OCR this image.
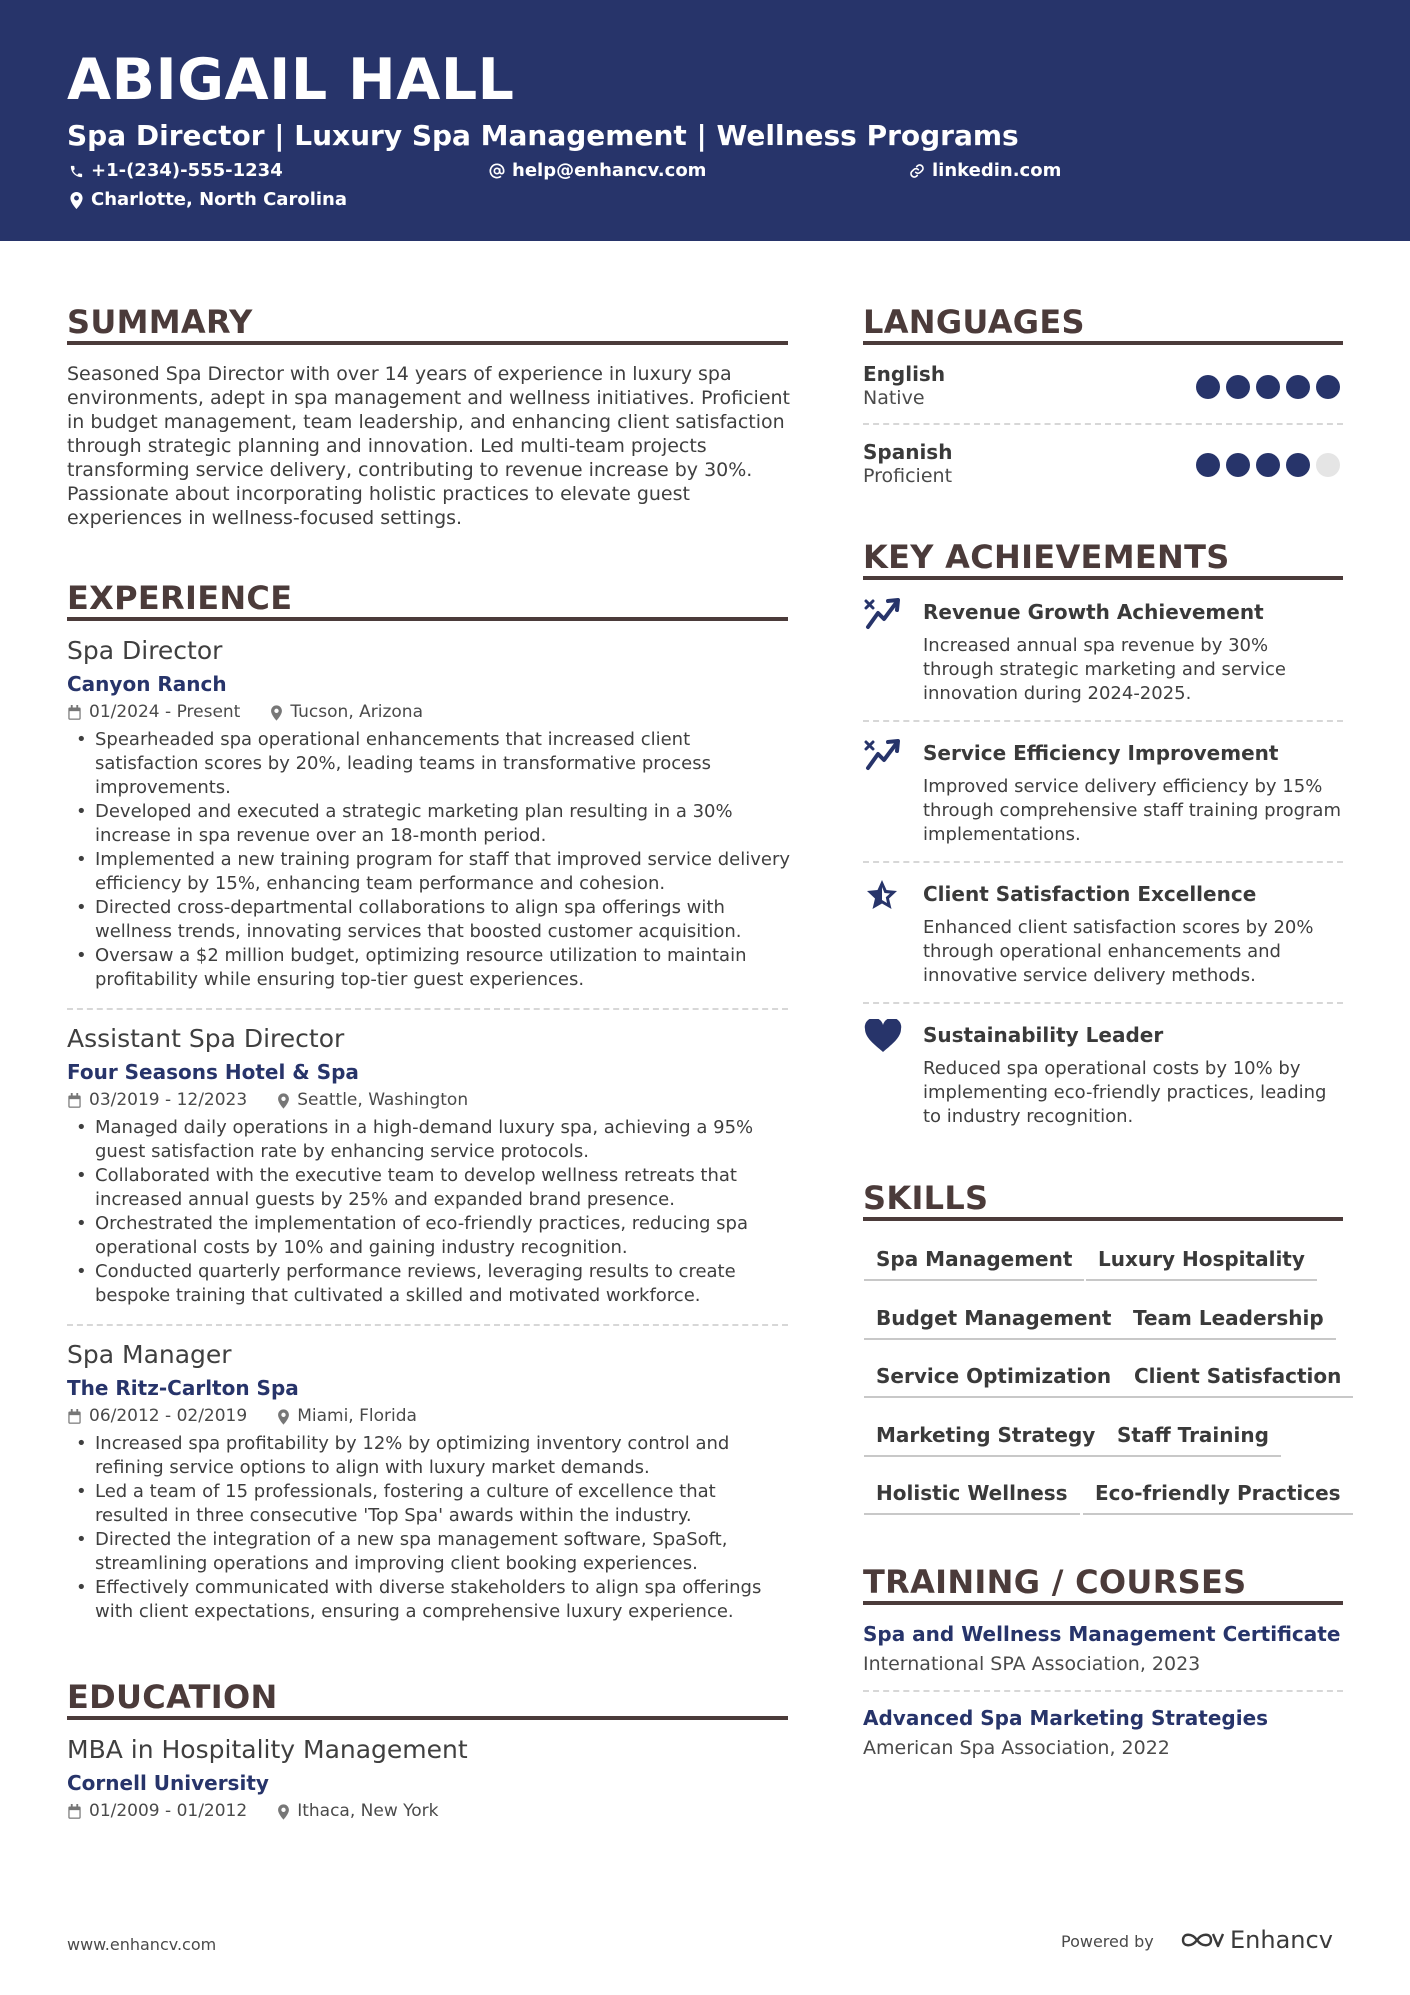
ABIGAIL HALL
Spa Director | Luxury Spa Management | Wellness Programs
+1-(234)-555-1234	help@enhancv.com	linkedin.com
Charlotte, North Carolina
SUMMARY
Seasoned Spa Director with over 14 years of experience in luxury spa environments, adept in spa management and wellness initiatives. Proficient in budget management, team leadership, and enhancing client satisfaction through strategic planning and innovation. Led multi-team projects transforming service delivery, contributing to revenue increase by 30%. Passionate about incorporating holistic practices to elevate guest experiences in wellness-focused settings.
EXPERIENCE
Spa Director
Canyon Ranch
01/2024 - Present	Tucson, Arizona
• Spearheaded spa operational enhancements that increased client satisfaction scores by 20%, leading teams in transformative process improvements.
• Developed and executed a strategic marketing plan resulting in a 30% increase in spa revenue over an 18-month period.
• Implemented a new training program for staff that improved service delivery efficiency by 15%, enhancing team performance and cohesion.
• Directed cross-departmental collaborations to align spa offerings with wellness trends, innovating services that boosted customer acquisition.
• Oversaw a $2 million budget, optimizing resource utilization to maintain profitability while ensuring top-tier guest experiences.
Assistant Spa Director
Four Seasons Hotel & Spa
03/2019 - 12/2023	Seattle, Washington
• Managed daily operations in a high-demand luxury spa, achieving a 95% guest satisfaction rate by enhancing service protocols.
• Collaborated with the executive team to develop wellness retreats that increased annual guests by 25% and expanded brand presence.
• Orchestrated the implementation of eco-friendly practices, reducing spa operational costs by 10% and gaining industry recognition.
• Conducted quarterly performance reviews, leveraging results to create bespoke training that cultivated a skilled and motivated workforce.
Spa Manager
The Ritz-Carlton Spa
06/2012 - 02/2019	Miami, Florida
• Increased spa profitability by 12% by optimizing inventory control and refining service options to align with luxury market demands.
• Led a team of 15 professionals, fostering a culture of excellence that resulted in three consecutive 'Top Spa' awards within the industry.
• Directed the integration of a new spa management software, SpaSoft, streamlining operations and improving client booking experiences.
• Effectively communicated with diverse stakeholders to align spa offerings with client expectations, ensuring a comprehensive luxury experience.
EDUCATION
MBA in Hospitality Management
Cornell University
01/2009 - 01/2012	Ithaca, New York
LANGUAGES
English
Native
Spanish
Proficient
KEY ACHIEVEMENTS
Revenue Growth Achievement
Increased annual spa revenue by 30% through strategic marketing and service innovation during 2024-2025.
Service Efficiency Improvement
Improved service delivery efficiency by 15% through comprehensive staff training program implementations.
Client Satisfaction Excellence
Enhanced client satisfaction scores by 20% through operational enhancements and innovative service delivery methods.
Sustainability Leader
Reduced spa operational costs by 10% by implementing eco-friendly practices, leading to industry recognition.
SKILLS
Spa Management	Luxury Hospitality
Budget Management	Team Leadership
Service Optimization	Client Satisfaction
Marketing Strategy	Staff Training
Holistic Wellness	Eco-friendly Practices
TRAINING / COURSES
Spa and Wellness Management Certificate
International SPA Association, 2023
Advanced Spa Marketing Strategies
American Spa Association, 2022
www.enhancv.com	Powered by	Enhancv
